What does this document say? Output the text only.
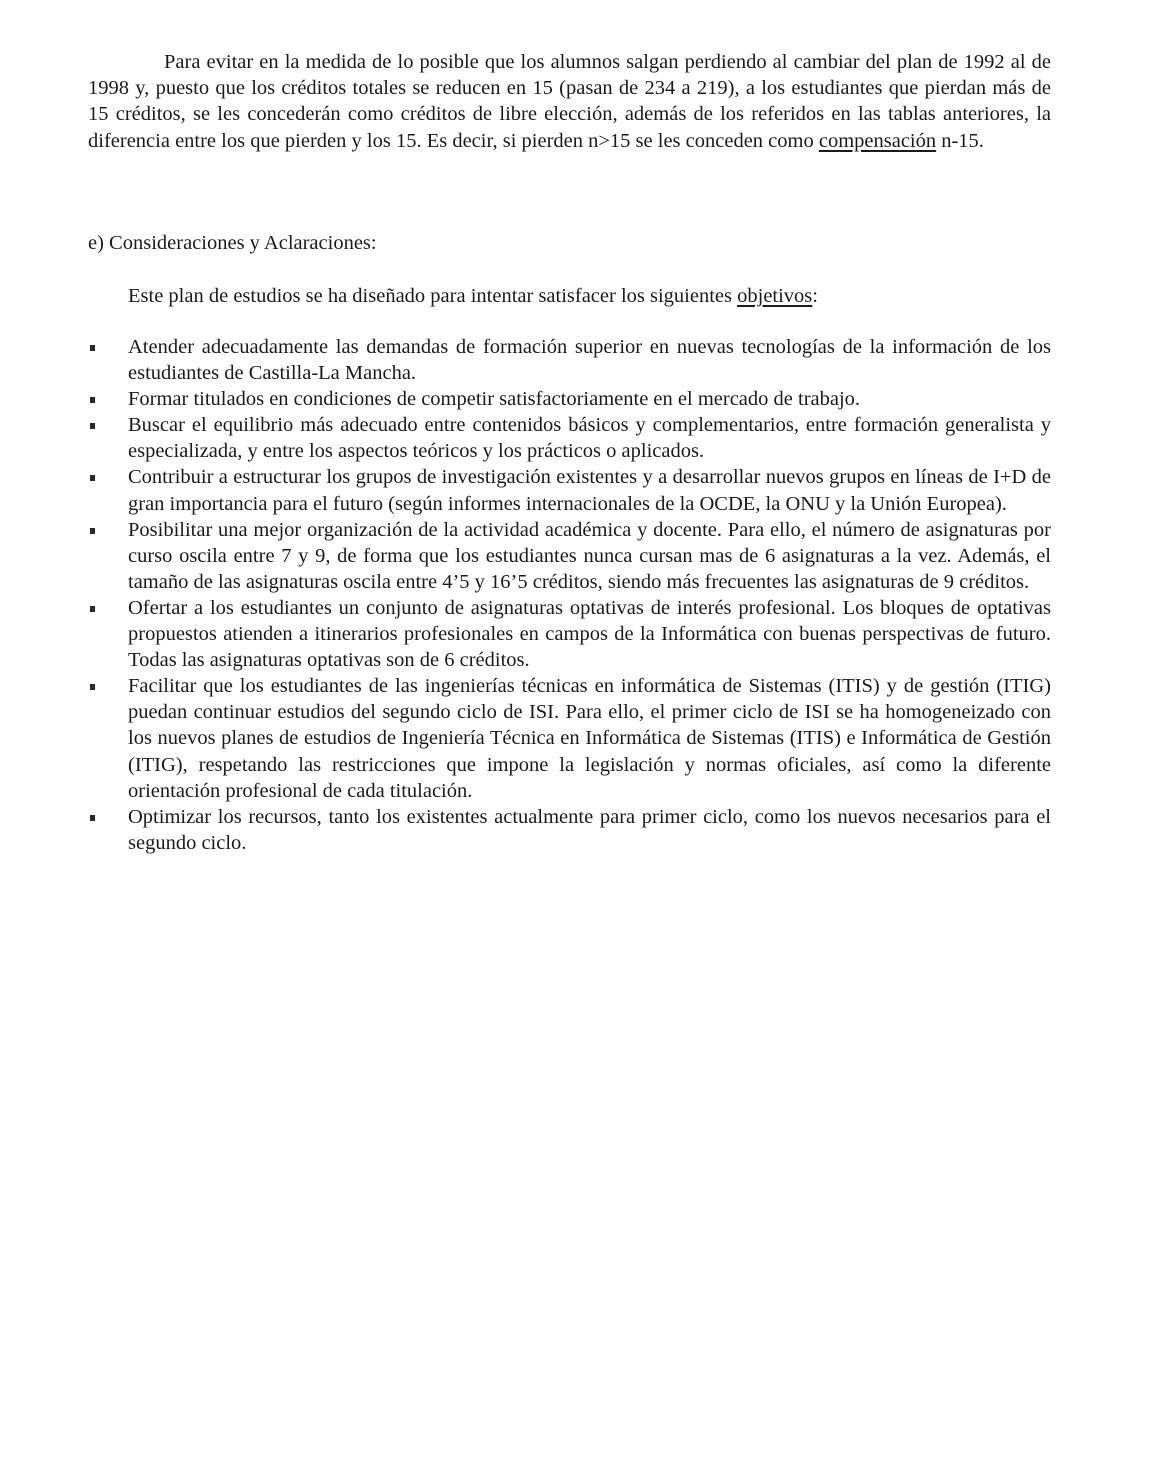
Para evitar en la medida de lo posible que los alumnos salgan perdiendo al cambiar del plan de 1992 al de 1998 y, puesto que los créditos totales se reducen en 15 (pasan de 234 a 219), a los estudiantes que pierdan más de 15 créditos, se les concederán como créditos de libre elección, además de los referidos en las tablas anteriores, la diferencia entre los que pierden y los 15. Es decir, si pierden n>15 se les conceden como compensación n-15.

e) Consideraciones y Aclaraciones:

Este plan de estudios se ha diseñado para intentar satisfacer los siguientes objetivos:

Atender adecuadamente las demandas de formación superior en nuevas tecnologías de la información de los estudiantes de Castilla-La Mancha.
Formar titulados en condiciones de competir satisfactoriamente en el mercado de trabajo.
Buscar el equilibrio más adecuado entre contenidos básicos y complementarios, entre formación generalista y especializada, y entre los aspectos teóricos y los prácticos o aplicados.
Contribuir a estructurar los grupos de investigación existentes y a desarrollar nuevos grupos en líneas de I+D de gran importancia para el futuro (según informes internacionales de la OCDE, la ONU y la Unión Europea).
Posibilitar una mejor organización de la actividad académica y docente. Para ello, el número de asignaturas por curso oscila entre 7 y 9, de forma que los estudiantes nunca cursan mas de 6 asignaturas a la vez. Además, el tamaño de las asignaturas oscila entre 4’5 y 16’5 créditos, siendo más frecuentes las asignaturas de 9 créditos.
Ofertar a los estudiantes un conjunto de asignaturas optativas de interés profesional. Los bloques de optativas propuestos atienden a itinerarios profesionales en campos de la Informática con buenas perspectivas de futuro. Todas las asignaturas optativas son de 6 créditos.
Facilitar que los estudiantes de las ingenierías técnicas en informática de Sistemas (ITIS) y de gestión (ITIG) puedan continuar estudios del segundo ciclo de ISI. Para ello, el primer ciclo de ISI se ha homogeneizado con los nuevos planes de estudios de Ingeniería Técnica en Informática de Sistemas (ITIS) e Informática de Gestión (ITIG), respetando las restricciones que impone la legislación y normas oficiales, así como la diferente orientación profesional de cada titulación.
Optimizar los recursos, tanto los existentes actualmente para primer ciclo, como los nuevos necesarios para el segundo ciclo.
